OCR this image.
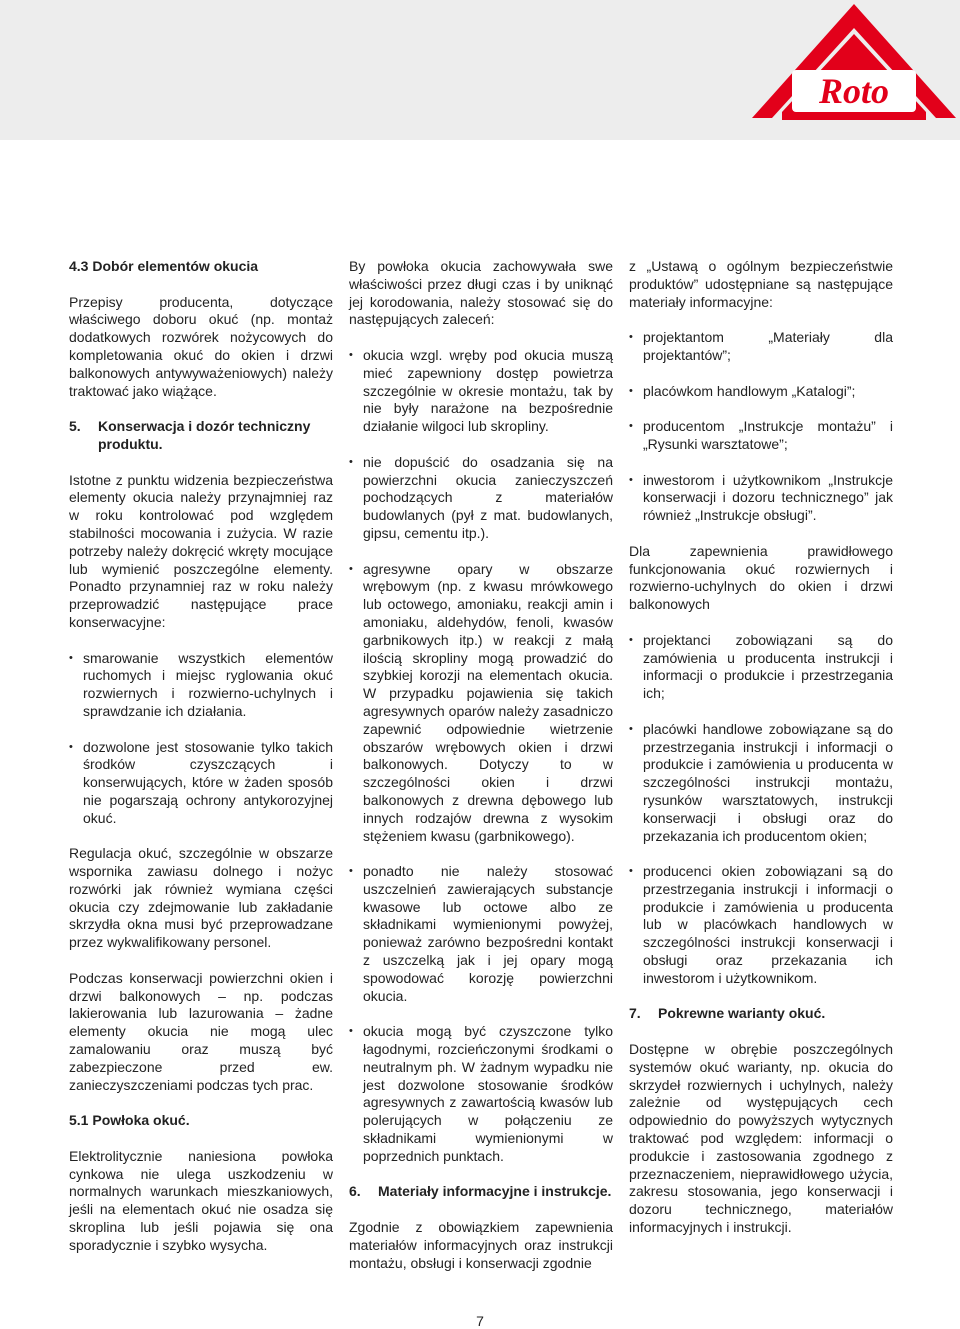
Roto
4.3 Dobór elementów okucia

Przepisy producenta, dotyczące właściwego doboru okuć (np. montaż dodatkowych rozwórek nożycowych do kompletowania okuć do okien i drzwi balkonowych antywyważeniowych) należy traktować jako wiążące.

5.	Konserwacja i dozór techniczny produktu.

Istotne z punktu widzenia bezpieczeństwa elementy okucia należy przynajmniej raz w roku kontrolować pod względem stabilności mocowania i zużycia. W razie potrzeby należy dokręcić wkręty mocujące lub wymienić poszczególne elementy. Ponadto przynamniej raz w roku należy przeprowadzić następujące prace konserwacyjne:

• smarowanie wszystkich elementów ruchomych i miejsc ryglowania okuć rozwiernych i rozwierno-uchylnych i sprawdzanie ich działania.
• dozwolone jest stosowanie tylko takich środków czyszczących i konserwujących, które w żaden sposób nie pogarszają ochrony antykorozyjnej okuć.

Regulacja okuć, szczególnie w obszarze wspornika zawiasu dolnego i nożyc rozwórki jak również wymiana części okucia czy zdejmowanie lub zakładanie skrzydła okna musi być przeprowadzane przez wykwalifikowany personel.

Podczas konserwacji powierzchni okien i drzwi balkonowych – np. podczas lakierowania lub lazurowania – żadne elementy okucia nie mogą ulec zamalowaniu oraz muszą być zabezpieczone przed ew. zanieczyszczeniami podczas tych prac.

5.1 Powłoka okuć.

Elektrolitycznie naniesiona powłoka cynkowa nie ulega uszkodzeniu w normalnych warunkach mieszkaniowych, jeśli na elementach okuć nie osadza się skroplina lub jeśli pojawia się ona sporadycznie i szybko wysycha.

By powłoka okucia zachowywała swe właściwości przez długi czas i by uniknąć jej korodowania, należy stosować się do następujących zaleceń:

• okucia wzgl. wręby pod okucia muszą mieć zapewniony dostęp powietrza szczególnie w okresie montażu, tak by nie były narażone na bezpośrednie działanie wilgoci lub skropliny.
• nie dopuścić do osadzania się na powierzchni okucia zanieczyszczeń pochodzących z materiałów budowlanych (pył z mat. budowlanych, gipsu, cementu itp.).
• agresywne opary w obszarze wrębowym (np. z kwasu mrówkowego lub octowego, amoniaku, reakcji amin i amoniaku, aldehydów, fenoli, kwasów garbnikowych itp.) w reakcji z małą ilością skropliny mogą prowadzić do szybkiej korozji na elementach okucia. W przypadku pojawienia się takich agresywnych oparów należy zasadniczo zapewnić odpowiednie wietrzenie obszarów wrębowych okien i drzwi balkonowych. Dotyczy to w szczególności okien i drzwi balkonowych z drewna dębowego lub innych rodzajów drewna z wysokim stężeniem kwasu (garbnikowego).
• ponadto nie należy stosować uszczelnień zawierających substancje kwasowe lub octowe albo ze składnikami wymienionymi powyżej, ponieważ zarówno bezpośredni kontakt z uszczelką jak i jej opary mogą spowodować korozję powierzchni okucia.
• okucia mogą być czyszczone tylko łagodnymi, rozcieńczonymi środkami o neutralnym ph. W żadnym wypadku nie jest dozwolone stosowanie środków agresywnych z zawartością kwasów lub polerujących w połączeniu ze składnikami wymienionymi w poprzednich punktach.
6.	Materiały informacyjne i instrukcje.

Zgodnie z obowiązkiem zapewnienia materiałów informacyjnych oraz instrukcji montażu, obsługi i konserwacji zgodnie

z „Ustawą o ogólnym bezpieczeństwie produktów” udostępniane są następujące materiały informacyjne:

• projektantom „Materiały dla projektantów”;
• placówkom handlowym „Katalogi”;
• producentom „Instrukcje montażu” i „Rysunki warsztatowe”;
• inwestorom i użytkownikom „Instrukcje konserwacji i dozoru technicznego” jak również „Instrukcje obsługi”.

Dla zapewnienia prawidłowego funkcjonowania okuć rozwiernych i rozwierno-uchylnych do okien i drzwi balkonowych

• projektanci zobowiązani są do zamówienia u producenta instrukcji i informacji o produkcie i przestrzegania ich;
• placówki handlowe zobowiązane są do przestrzegania instrukcji i informacji o produkcie i zamówienia u producenta w szczególności instrukcji montażu, rysunków warsztatowych, instrukcji konserwacji i obsługi oraz do przekazania ich producentom okien;
• producenci okien zobowiązani są do przestrzegania instrukcji i informacji o produkcie i zamówienia u producenta lub w placówkach handlowych w szczególności instrukcji konserwacji i obsługi oraz przekazania ich inwestorom i użytkownikom.
7.	Pokrewne warianty okuć.

Dostępne w obrębie poszczególnych systemów okuć warianty, np. okucia do skrzydeł rozwiernych i uchylnych, należy zależnie od występujących cech odpowiednio do powyższych wytycznych traktować pod względem: informacji o produkcie i zastosowania zgodnego z przeznaczeniem, nieprawidłowego użycia, zakresu stosowania, jego konserwacji i dozoru technicznego, materiałów informacyjnych i instrukcji.

7
